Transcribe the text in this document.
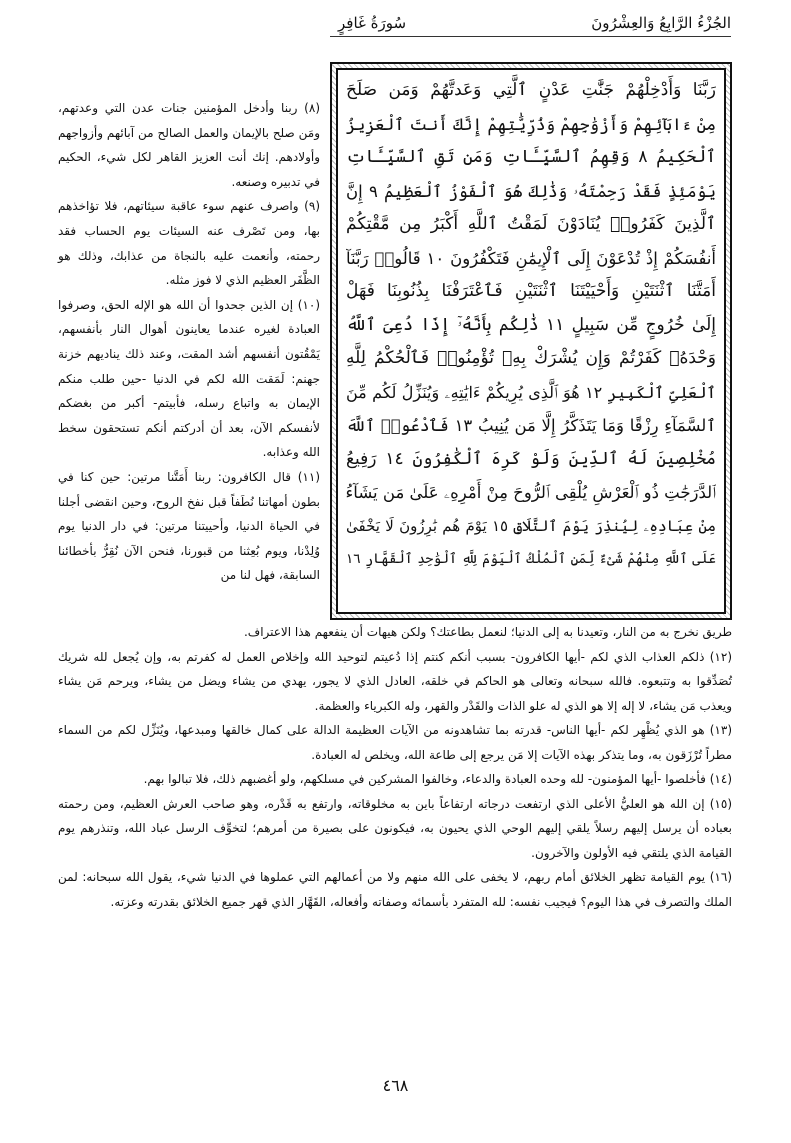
الجُزْءُ الرَّابِعُ وَالعِشْرُونَ
سُورَةُ غَافِرٍ
رَبَّنَا وَأَدْخِلْهُمْ جَنَّٰتِ عَدْنٍ ٱلَّتِي وَعَدتَّهُمْ وَمَن صَلَحَ
مِنْ ءَابَآئِهِمْ وَأَزْوَٰجِهِمْ وَذُرِّيَّٰتِهِمْ إِنَّكَ أَنتَ ٱلْعَزِيزُ
ٱلْحَكِيمُ ٨ وَقِهِمُ ٱلسَّيِّـَٔاتِ وَمَن تَقِ ٱلسَّيِّـَٔاتِ
يَوْمَئِذٍ فَقَدْ رَحِمْتَهُۥ وَذَٰلِكَ هُوَ ٱلْفَوْزُ ٱلْعَظِيمُ ٩ إِنَّ
ٱلَّذِينَ كَفَرُوا۟ يُنَادَوْنَ لَمَقْتُ ٱللَّهِ أَكْبَرُ مِن مَّقْتِكُمْ
أَنفُسَكُمْ إِذْ تُدْعَوْنَ إِلَى ٱلْإِيمَٰنِ فَتَكْفُرُونَ ١٠ قَالُوا۟ رَبَّنَآ
أَمَتَّنَا ٱثْنَتَيْنِ وَأَحْيَيْتَنَا ٱثْنَتَيْنِ فَٱعْتَرَفْنَا بِذُنُوبِنَا فَهَلْ
إِلَىٰ خُرُوجٍ مِّن سَبِيلٍ ١١ ذَٰلِكُم بِأَنَّهُۥٓ إِذَا دُعِىَ ٱللَّهُ
وَحْدَهُۥ كَفَرْتُمْ وَإِن يُشْرَكْ بِهِۦ تُؤْمِنُوا۟ فَٱلْحُكْمُ لِلَّهِ
ٱلْعَلِىِّ ٱلْكَبِيرِ ١٢ هُوَ ٱلَّذِى يُرِيكُمْ ءَايَٰتِهِۦ وَيُنَزِّلُ لَكُم مِّنَ
ٱلسَّمَآءِ رِزْقًا وَمَا يَتَذَكَّرُ إِلَّا مَن يُنِيبُ ١٣ فَٱدْعُوا۟ ٱللَّهَ
مُخْلِصِينَ لَهُ ٱلدِّينَ وَلَوْ كَرِهَ ٱلْكَٰفِرُونَ ١٤ رَفِيعُ
ٱلدَّرَجَٰتِ ذُو ٱلْعَرْشِ يُلْقِى ٱلرُّوحَ مِنْ أَمْرِهِۦ عَلَىٰ مَن يَشَآءُ
مِنْ عِبَادِهِۦ لِيُنذِرَ يَوْمَ ٱلتَّلَاقِ ١٥ يَوْمَ هُم بَٰرِزُونَ لَا يَخْفَىٰ
عَلَى ٱللَّهِ مِنْهُمْ شَىْءٌ لِّمَنِ ٱلْمُلْكُ ٱلْيَوْمَ لِلَّهِ ٱلْوَٰحِدِ ٱلْقَهَّارِ ١٦

(٨) ربنا وأدخل المؤمنين جنات عدن التي وعدتهم، ومَن صلح بالإيمان والعمل الصالح من آبائهم وأزواجهم وأولادهم. إنك أنت العزيز القاهر لكل شيء، الحكيم في تدبيره وصنعه.

(٩) واصرف عنهم سوء عاقبة سيئاتهم، فلا تؤاخذهم بها، ومن تَصْرف عنه السيئات يوم الحساب فقد رحمته، وأنعمت عليه بالنجاة من عذابك، وذلك هو الظَّفَر العظيم الذي لا فوز مثله.

(١٠) إن الذين جحدوا أن الله هو الإله الحق، وصرفوا العبادة لغيره عندما يعاينون أهوال النار بأنفسهم، يَمْقُتون أنفسهم أشد المقت، وعند ذلك يناديهم خزنة جهنم: لَمَقت الله لكم في الدنيا -حين طلب منكم الإيمان به واتباع رسله، فأبيتم- أكبر من بغضكم لأنفسكم الآن، بعد أن أدركتم أنكم تستحقون سخط الله وعذابه.

(١١) قال الكافرون: ربنا أَمَتَّنا مرتين: حين كنا في بطون أمهاتنا نُطَفاً قبل نفخ الروح، وحين انقضى أجلنا في الحياة الدنيا، وأحييتنا مرتين: في دار الدنيا يوم وُلِدْنا، ويوم بُعِثنا من قبورنا، فنحن الآن نُقِرُّ بأخطائنا السابقة، فهل لنا من

طريق نخرج به من النار، وتعيدنا به إلى الدنيا؛ لنعمل بطاعتك؟ ولكن هيهات أن ينفعهم هذا الاعتراف.

(١٢) ذلكم العذاب الذي لكم -أيها الكافرون- بسبب أنكم كنتم إذا دُعيتم لتوحيد الله وإخلاص العمل له كفرتم به، وإن يُجعل لله شريك تُصَدِّقوا به وتتبعوه. فالله سبحانه وتعالى هو الحاكم في خلقه، العادل الذي لا يجور، يهدي من يشاء ويضل من يشاء، ويرحم مَن يشاء ويعذب مَن يشاء، لا إله إلا هو الذي له علو الذات والقَدْر والقهر، وله الكبرياء والعظمة.

(١٣) هو الذي يُظْهِر لكم -أيها الناس- قدرته بما تشاهدونه من الآيات العظيمة الدالة على كمال خالقها ومبدعها، ويُنَزِّل لكم من السماء مطراً تُرْزَقون به، وما يتذكر بهذه الآيات إلا مَن يرجع إلى طاعة الله، ويخلص له العبادة.

(١٤) فأخلصوا -أيها المؤمنون- لله وحده العبادة والدعاء، وخالفوا المشركين في مسلكهم، ولو أغضبهم ذلك، فلا تبالوا بهم.

(١٥) إن الله هو العليُّ الأعلى الذي ارتفعت درجاته ارتفاعاً باين به مخلوقاته، وارتفع به قَدْره، وهو صاحب العرش العظيم، ومن رحمته بعباده أن يرسل إليهم رسلاً يلقي إليهم الوحي الذي يحيون به، فيكونون على بصيرة من أمرهم؛ لتخوِّف الرسل عباد الله، وتنذرهم يوم القيامة الذي يلتقي فيه الأولون والآخرون.

(١٦) يوم القيامة تظهر الخلائق أمام ربهم، لا يخفى على الله منهم ولا من أعمالهم التي عملوها في الدنيا شيء، يقول الله سبحانه: لمن الملك والتصرف في هذا اليوم؟ فيجيب نفسه: لله المتفرد بأسمائه وصفاته وأفعاله، القَهَّار الذي قهر جميع الخلائق بقدرته وعزته.

٤٦٨
